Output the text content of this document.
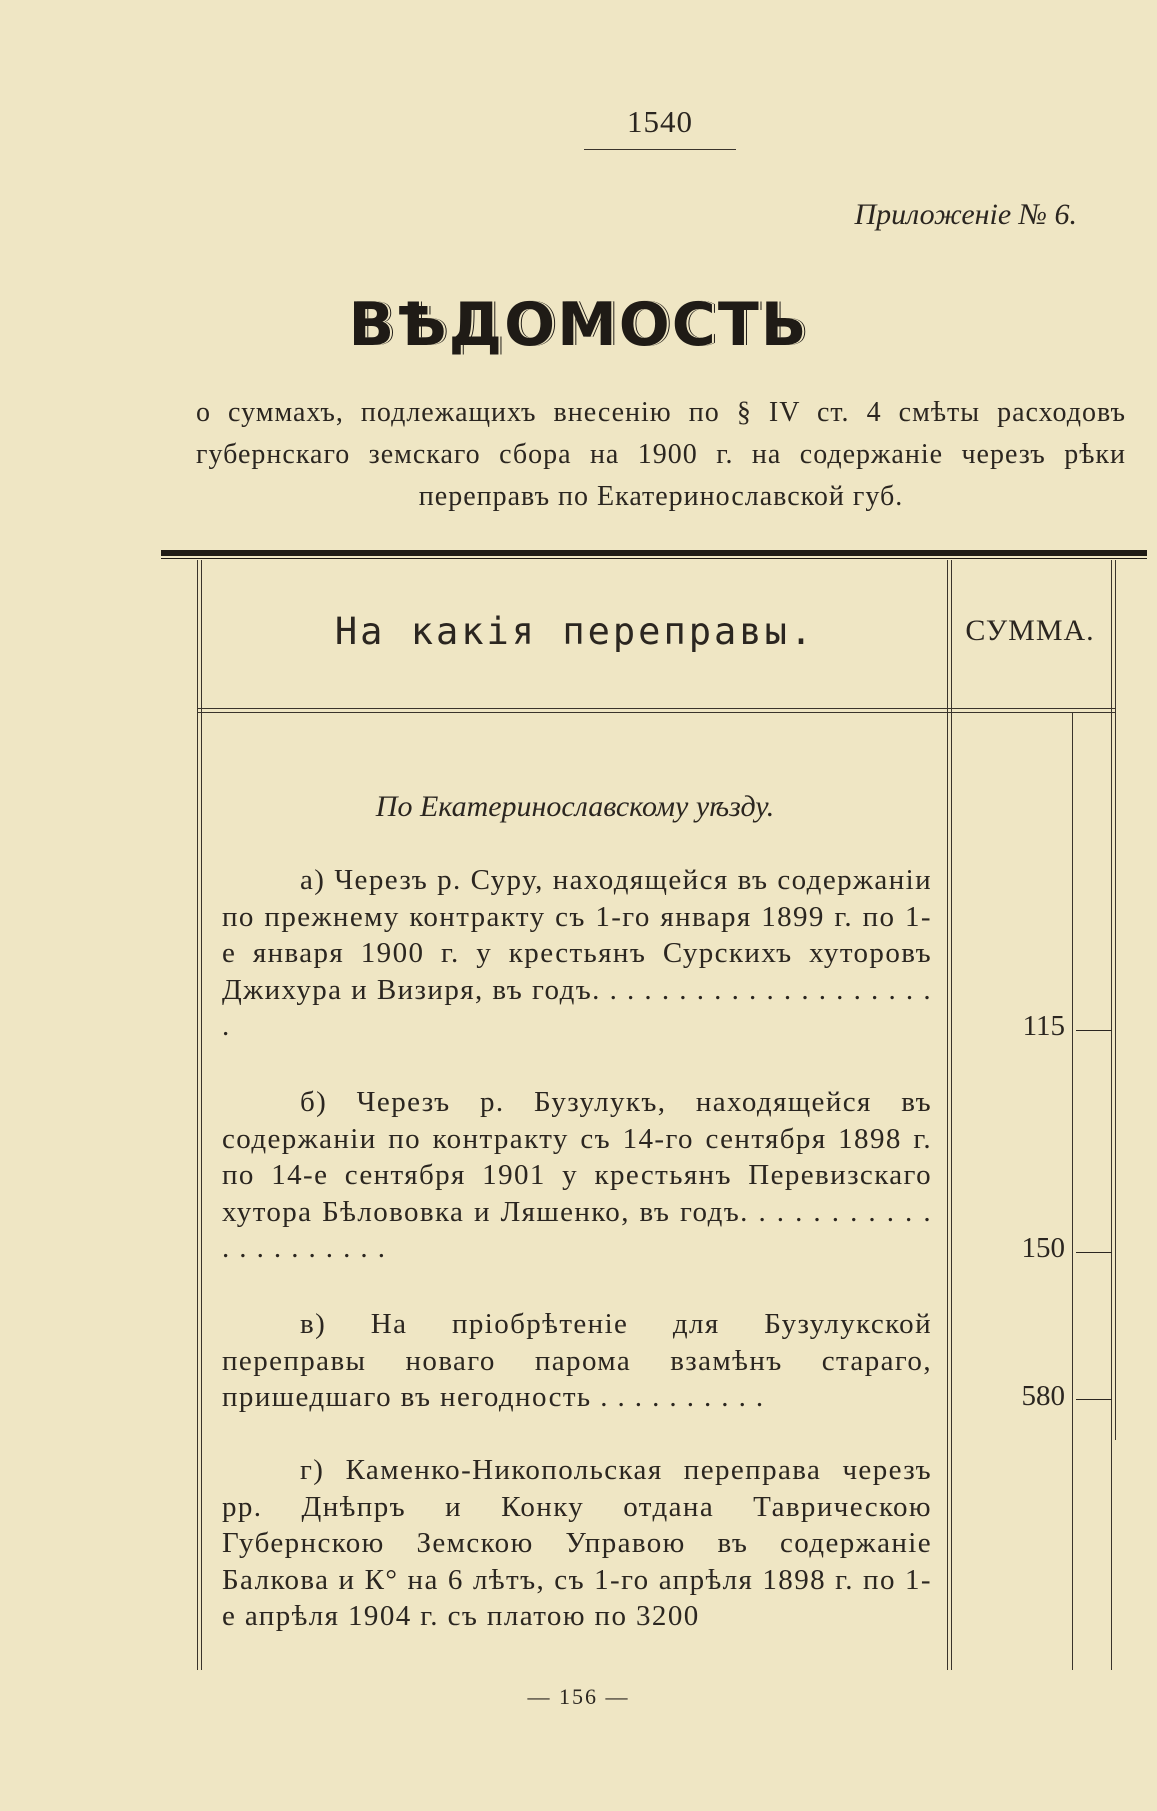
1540
Приложенiе № 6.
ВѢДОМОСТЬ
о суммахъ, подлежащихъ внесенiю по § IV ст. 4 смѣты расходовъ губернскаго земскаго сбора на 1900 г. на содержанiе черезъ рѣки переправъ по Екатеринославской губ.
На какiя переправы.	СУММА.
По Екатеринославскому уѣзду.
а) Черезъ р. Суру, находящейся въ содержанiи по прежнему контракту съ 1-го января 1899 г. по 1-е января 1900 г. у крестьянъ Сурскихъ хуторовъ Джихура и Визиря, въ годъ. . . . . . . . . . . . . . . . . . . . .	115
б) Черезъ р. Бузулукъ, находящейся въ содержанiи по контракту съ 14-го сентября 1898 г. по 14-е сентября 1901 у крестьянъ Перевизскаго хутора Бѣлововка и Ляшенко, въ годъ. . . . . . . . . . . . . . . . . . . . .	150
в) На прiобрѣтенiе для Бузулукской переправы новаго парома взамѣнъ стараго, пришедшаго въ негодность . . . . . . . . . .	580
г) Каменко-Никопольская переправа черезъ рр. Днѣпръ и Конку отдана Таврическою Губернскою Земскою Управою въ содержанiе Балкова и К° на 6 лѣтъ, съ 1-го апрѣля 1898 г. по 1-е апрѣля 1904 г. съ платою по 3200
— 156 —
